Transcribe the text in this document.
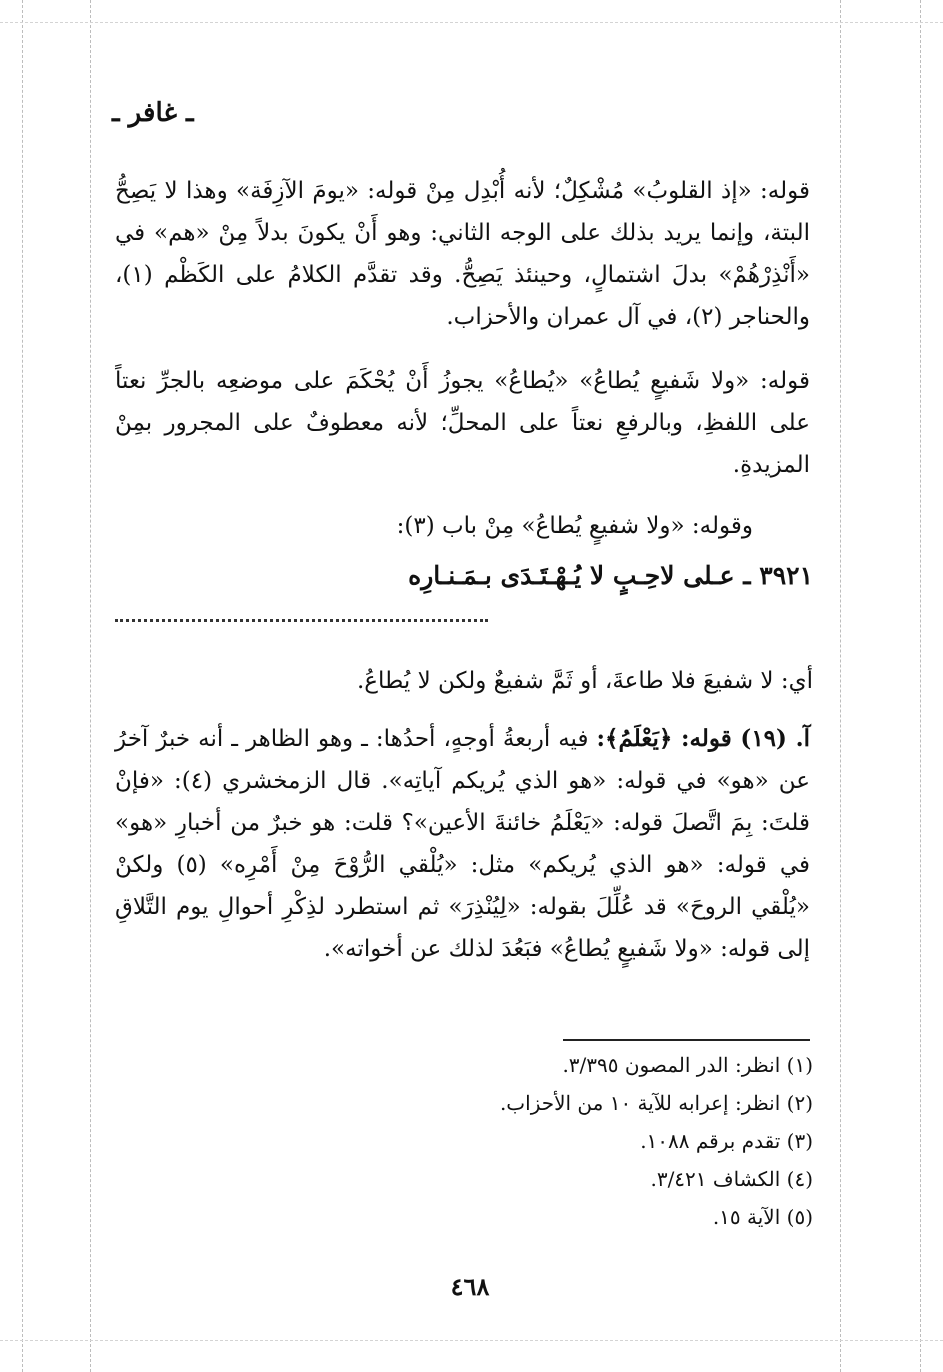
ـ غافر ـ
قوله: «إذ القلوبُ» مُشْكِلٌ؛ لأنه أُبْدِل مِنْ قوله: «يومَ الآزِفَة» وهذا لا يَصِحُّ البتة، وإنما يريد بذلك على الوجه الثاني: وهو أَنْ يكونَ بدلاً مِنْ «هم» في «أَنْذِرْهُمْ» بدلَ اشتمالٍ، وحينئذ يَصِحُّ. وقد تقدَّم الكلامُ على الكَظْم (١)، والحناجر (٢)، في آل عمران والأحزاب.
قوله: «ولا شَفيعٍ يُطاعُ» «يُطاعُ» يجوزُ أَنْ يُحْكَمَ على موضعِه بالجرِّ نعتاً على اللفظِ، وبالرفعِ نعتاً على المحلِّ؛ لأنه معطوفٌ على المجرور بمِنْ المزيدةِ.
وقوله: «ولا شفيعٍ يُطاعُ» مِنْ باب (٣):
٣٩٢١ ـ عـلى لاحِـبٍ لا يُـهْـتَـدَى بـمَـنـارِه
أي: لا شفيعَ فلا طاعةَ، أو ثَمَّ شفيعٌ ولكن لا يُطاعُ.
آ. (١٩) قوله: ﴿يَعْلَمُ﴾: فيه أربعةُ أوجهٍ، أحدُها: ـ وهو الظاهر ـ أنه خبرٌ آخرُ عن «هو» في قوله: «هو الذي يُريكم آياتِه». قال الزمخشري (٤): «فإنْ قلتَ: بِمَ اتَّصلَ قوله: «يَعْلَمُ خائنةَ الأعين»؟ قلت: هو خبرٌ من أخبارِ «هو» في قوله: «هو الذي يُريكم» مثل: «يُلْقي الرُّوْحَ مِنْ أَمْرِه» (٥) ولكنْ «يُلْقي الروحَ» قد عُلِّلَ بقوله: «لِيُنْذِرَ» ثم استطرد لذِكْرِ أحوالِ يوم التَّلاقِ إلى قوله: «ولا شَفيعٍ يُطاعُ» فبَعُدَ لذلك عن أخواته».
(١) انظر: الدر المصون ٣/٣٩٥.
(٢) انظر: إعرابه للآية ١٠ من الأحزاب.
(٣) تقدم برقم ١٠٨٨.
(٤) الكشاف ٣/٤٢١.
(٥) الآية ١٥.
٤٦٨
